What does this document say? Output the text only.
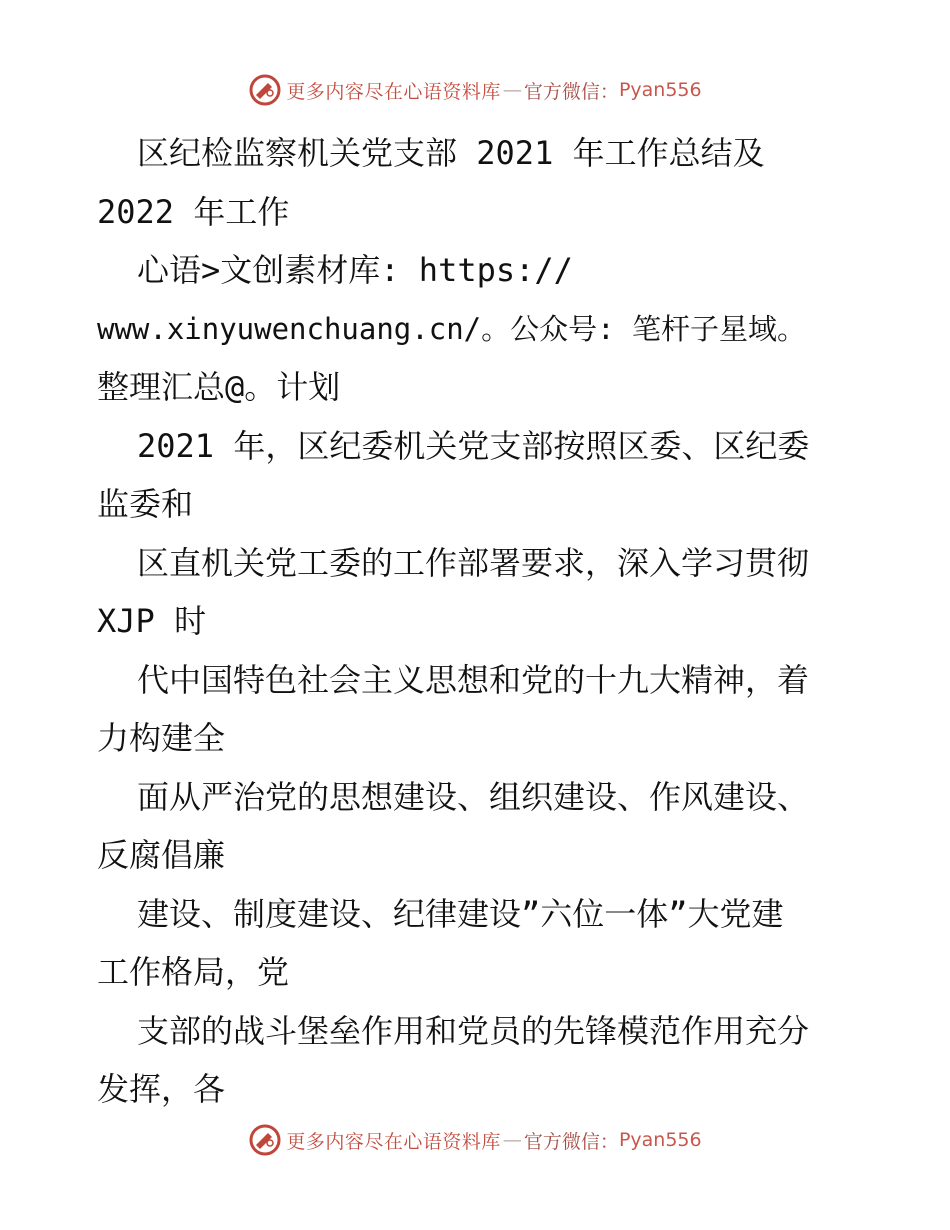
更多内容尽在心语资料库 — 官方微信： Pyan556
区纪检监察机关党支部 2021 年工作总结及
2022 年工作
心语>文创素材库: https://
www.xinyuwenchuang.cn/。公众号: 笔杆子星域。
整理汇总@。计划
2021 年，区纪委机关党支部按照区委、区纪委
监委和
区直机关党工委的工作部署要求，深入学习贯彻
XJP 时
代中国特色社会主义思想和党的十九大精神，着
力构建全
面从严治党的思想建设、组织建设、作风建设、
反腐倡廉
建设、制度建设、纪律建设”六位一体”大党建
工作格局，党
支部的战斗堡垒作用和党员的先锋模范作用充分
发挥，各
更多内容尽在心语资料库 — 官方微信： Pyan556
